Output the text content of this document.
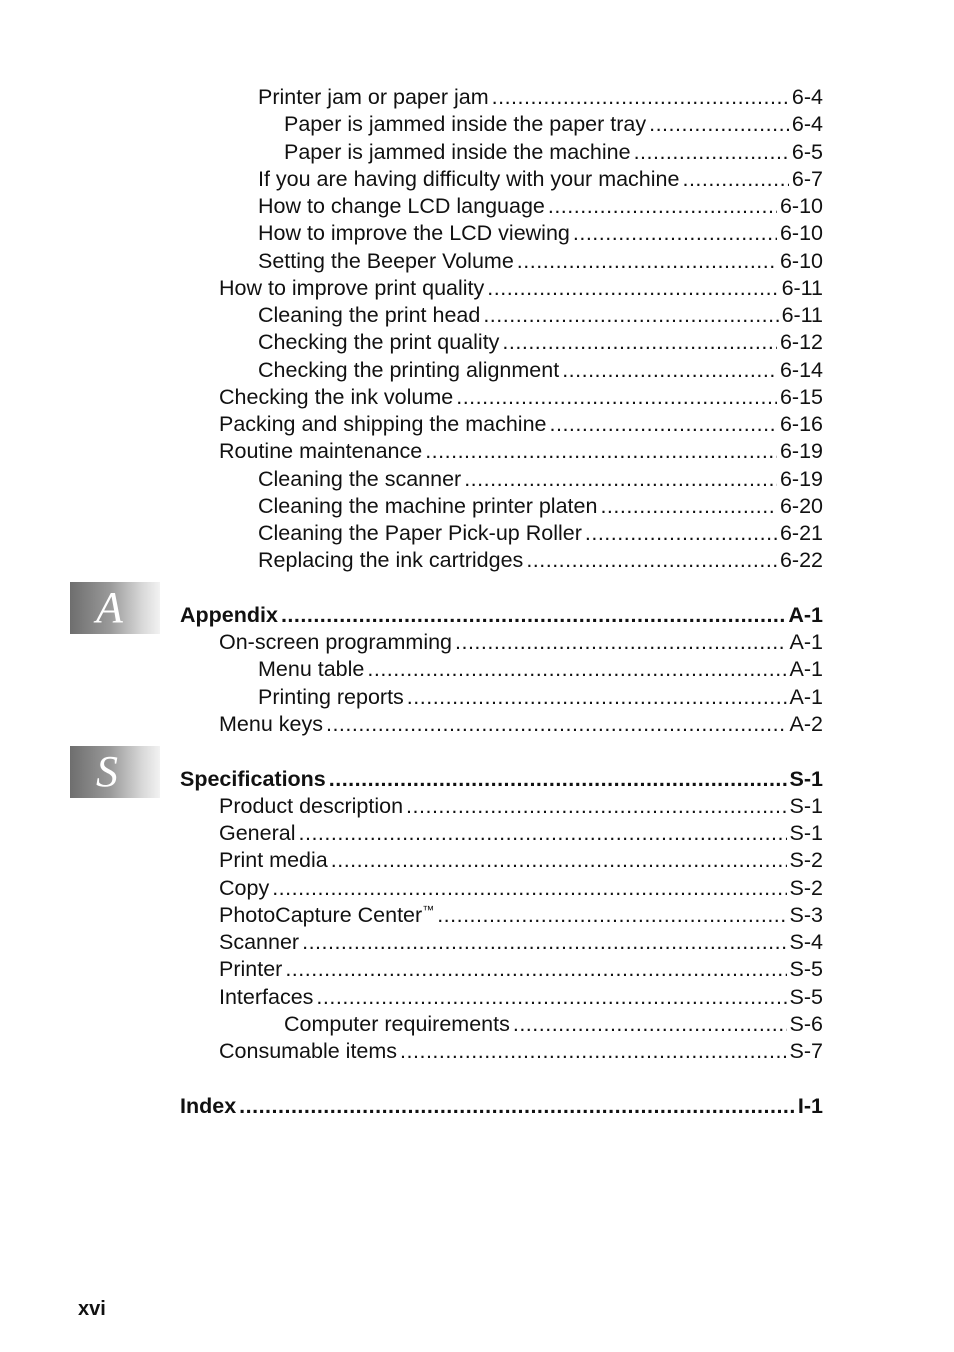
A
S
Printer jam or paper jam .....	6-4
Paper is jammed inside the paper tray .....	6-4
Paper is jammed inside the machine .....	6-5
If you are having difficulty with your machine .....	6-7
How to change LCD language .....	6-10
How to improve the LCD viewing .....	6-10
Setting the Beeper Volume .....	6-10
How to improve print quality .....	6-11
Cleaning the print head .....	6-11
Checking the print quality .....	6-12
Checking the printing alignment .....	6-14
Checking the ink volume .....	6-15
Packing and shipping the machine .....	6-16
Routine maintenance .....	6-19
Cleaning the scanner .....	6-19
Cleaning the machine printer platen .....	6-20
Cleaning the Paper Pick-up Roller .....	6-21
Replacing the ink cartridges .....	6-22
Appendix .....	A-1
On-screen programming .....	A-1
Menu table .....	A-1
Printing reports .....	A-1
Menu keys .....	A-2
Specifications .....	S-1
Product description .....	S-1
General .....	S-1
Print media .....	S-2
Copy .....	S-2
PhotoCapture Center™ .....	S-3
Scanner .....	S-4
Printer .....	S-5
Interfaces .....	S-5
Computer requirements .....	S-6
Consumable items .....	S-7
Index .....	I-1
xvi
